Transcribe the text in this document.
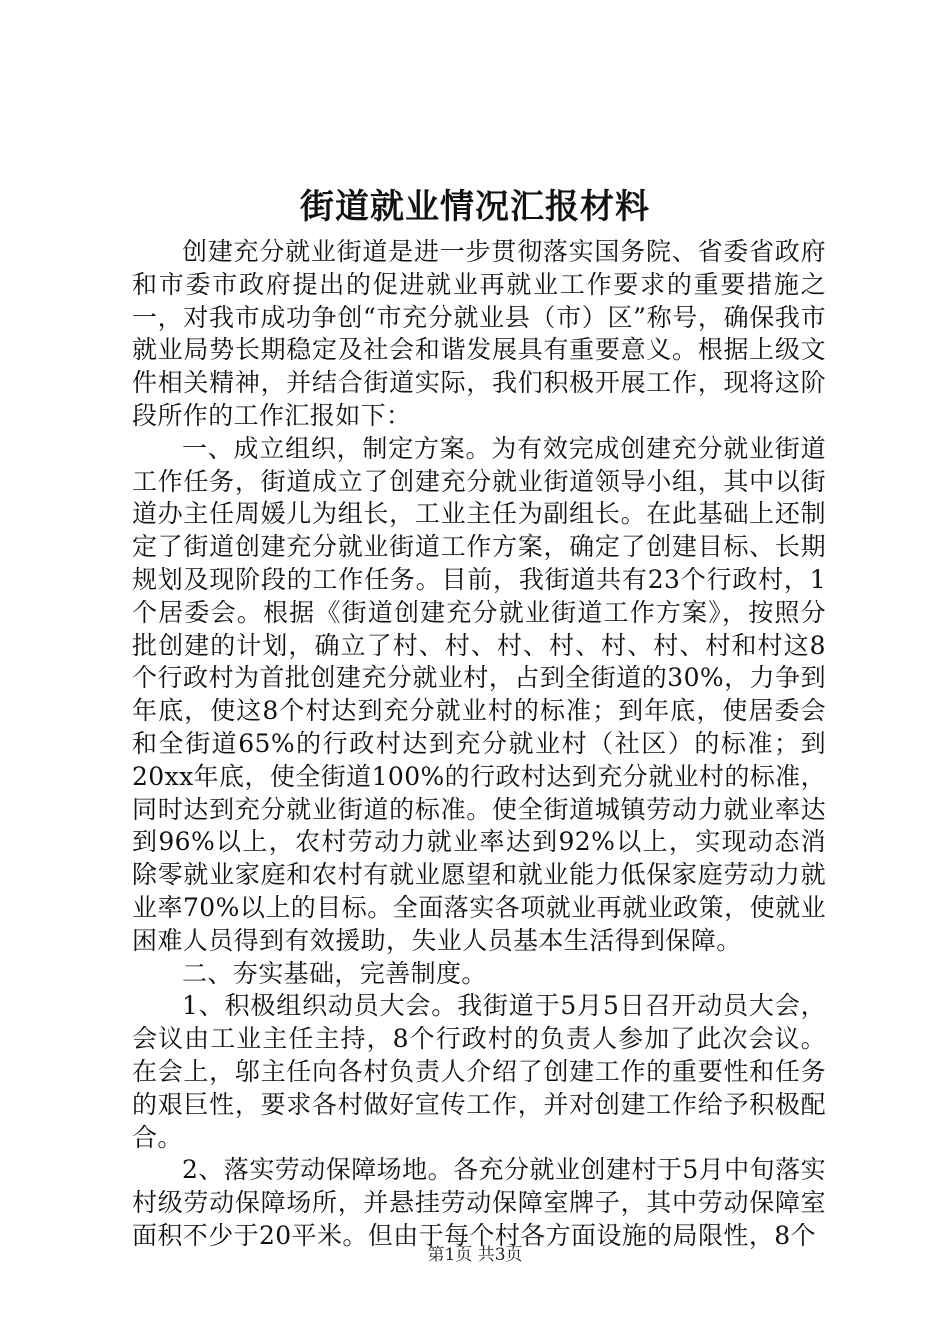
街道就业情况汇报材料

创建充分就业街道是进一步贯彻落实国务院、省委省政府和市委市政府提出的促进就业再就业工作要求的重要措施之一，对我市成功争创“市充分就业县（市）区”称号，确保我市就业局势长期稳定及社会和谐发展具有重要意义。根据上级文件相关精神，并结合街道实际，我们积极开展工作，现将这阶段所作的工作汇报如下：

一、成立组织，制定方案。为有效完成创建充分就业街道工作任务，街道成立了创建充分就业街道领导小组，其中以街道办主任周媛儿为组长，工业主任为副组长。在此基础上还制定了街道创建充分就业街道工作方案，确定了创建目标、长期规划及现阶段的工作任务。目前，我街道共有23个行政村，1个居委会。根据《街道创建充分就业街道工作方案》，按照分批创建的计划，确立了村、村、村、村、村、村、村和村这8个行政村为首批创建充分就业村，占到全街道的30%，力争到年底，使这8个村达到充分就业村的标准；到年底，使居委会和全街道65%的行政村达到充分就业村（社区）的标准；到20xx年底，使全街道100%的行政村达到充分就业村的标准，同时达到充分就业街道的标准。使全街道城镇劳动力就业率达到96%以上，农村劳动力就业率达到92%以上，实现动态消除零就业家庭和农村有就业愿望和就业能力低保家庭劳动力就业率70%以上的目标。全面落实各项就业再就业政策，使就业困难人员得到有效援助，失业人员基本生活得到保障。

二、夯实基础，完善制度。

1、积极组织动员大会。我街道于5月5日召开动员大会，会议由工业主任主持，8个行政村的负责人参加了此次会议。在会上，邬主任向各村负责人介绍了创建工作的重要性和任务的艰巨性，要求各村做好宣传工作，并对创建工作给予积极配合。

2、落实劳动保障场地。各充分就业创建村于5月中旬落实村级劳动保障场所，并悬挂劳动保障室牌子，其中劳动保障室面积不少于20平米。但由于每个村各方面设施的局限性，8个

第1页 共3页
